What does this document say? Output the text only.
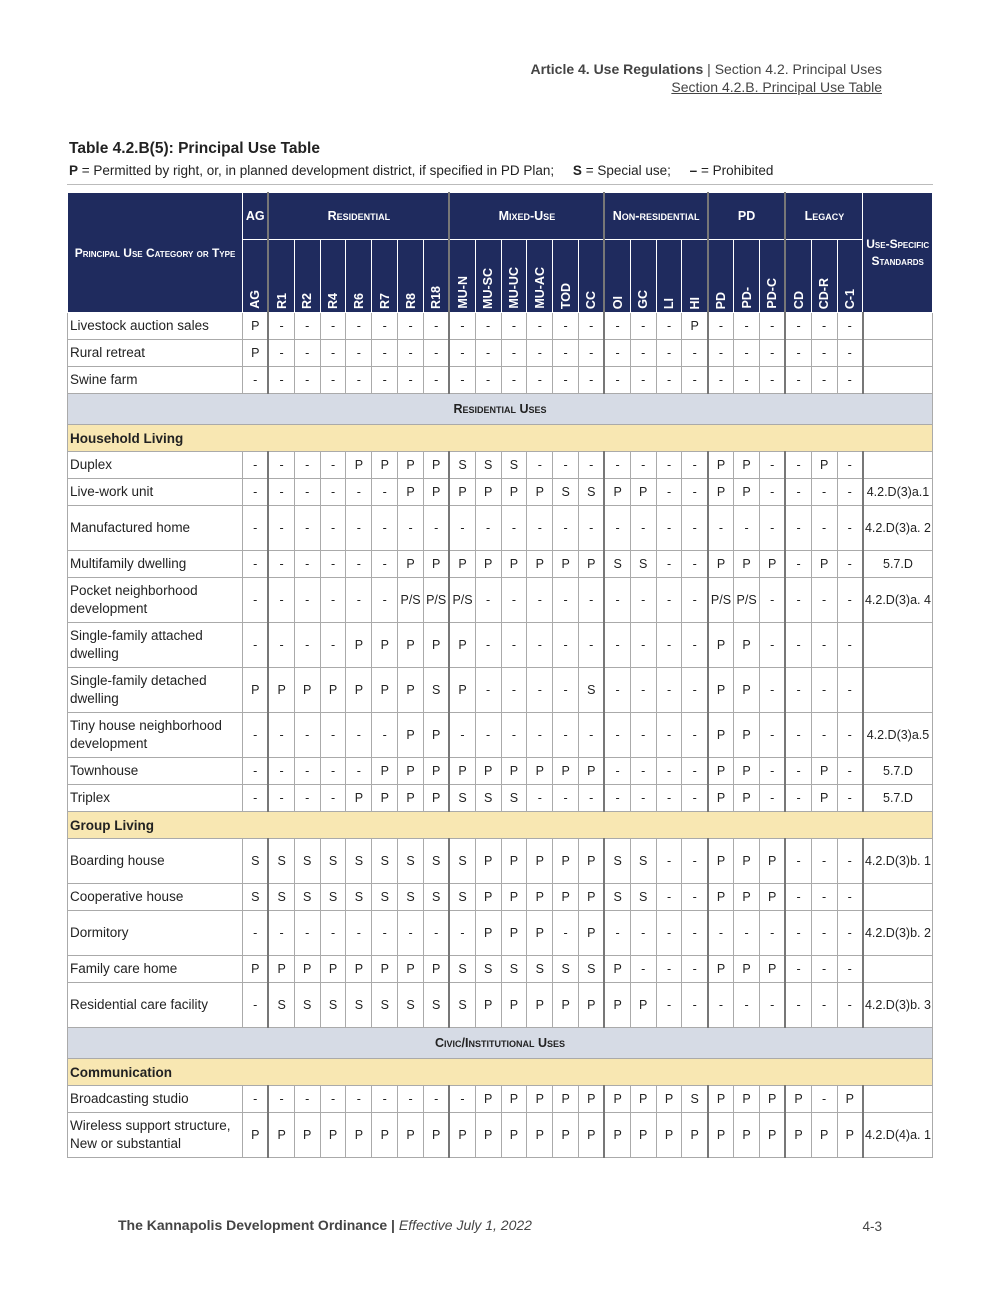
Article 4. Use Regulations | Section 4.2. Principal Uses
Section 4.2.B. Principal Use Table
Table 4.2.B(5): Principal Use Table
P = Permitted by right, or, in planned development district, if specified in PD Plan; S = Special use; – = Prohibited
Principal Use Category or Type	AG	Residential							Mixed-Use						Non-residential				PD			Legacy			Use-Specific Standards
	AG	R1	R2	R4	R6	R7	R8	R18	MU-N	MU-SC	MU-UC	MU-AC	TOD	CC	OI	GC	LI	HI	PD	PD-	PD-C	CD	CD-R	C-1	
Livestock auction sales	P	-	-	-	-	-	-	-	-	-	-	-	-	-	-	-	-	P	-	-	-	-	-	-	
Rural retreat	P	-	-	-	-	-	-	-	-	-	-	-	-	-	-	-	-	-	-	-	-	-	-	-	
Swine farm	-	-	-	-	-	-	-	-	-	-	-	-	-	-	-	-	-	-	-	-	-	-	-	-	
Residential Uses																									
Household Living																									
Duplex	-	-	-	-	P	P	P	P	S	S	S	-	-	-	-	-	-	-	P	P	-	-	P	-	
Live-work unit	-	-	-	-	-	-	P	P	P	P	P	P	S	S	P	P	-	-	P	P	-	-	-	-	4.2.D(3)a.1
Manufactured home	-	-	-	-	-	-	-	-	-	-	-	-	-	-	-	-	-	-	-	-	-	-	-	-	4.2.D(3)a. 2
Multifamily dwelling	-	-	-	-	-	-	P	P	P	P	P	P	P	P	S	S	-	-	P	P	P	-	P	-	5.7.D
Pocket neighborhood development	-	-	-	-	-	-	P/S	P/S	P/S	-	-	-	-	-	-	-	-	-	P/S	P/S	-	-	-	-	4.2.D(3)a. 4
Single-family attached dwelling	-	-	-	-	P	P	P	P	P	-	-	-	-	-	-	-	-	-	P	P	-	-	-	-	
Single-family detached dwelling	P	P	P	P	P	P	P	S	P	-	-	-	-	S	-	-	-	-	P	P	-	-	-	-	
Tiny house neighborhood development	-	-	-	-	-	-	P	P	-	-	-	-	-	-	-	-	-	-	P	P	-	-	-	-	4.2.D(3)a.5
Townhouse	-	-	-	-	-	P	P	P	P	P	P	P	P	P	-	-	-	-	P	P	-	-	P	-	5.7.D
Triplex	-	-	-	-	P	P	P	P	S	S	S	-	-	-	-	-	-	-	P	P	-	-	P	-	5.7.D
Group Living																									
Boarding house	S	S	S	S	S	S	S	S	S	P	P	P	P	P	S	S	-	-	P	P	P	-	-	-	4.2.D(3)b. 1
Cooperative house	S	S	S	S	S	S	S	S	S	P	P	P	P	P	S	S	-	-	P	P	P	-	-	-	
Dormitory	-	-	-	-	-	-	-	-	-	P	P	P	-	P	-	-	-	-	-	-	-	-	-	-	4.2.D(3)b. 2
Family care home	P	P	P	P	P	P	P	P	S	S	S	S	S	S	P	-	-	-	P	P	P	-	-	-	
Residential care facility	-	S	S	S	S	S	S	S	S	P	P	P	P	P	P	P	-	-	-	-	-	-	-	-	4.2.D(3)b. 3
Civic/Institutional Uses																									
Communication																									
Broadcasting studio	-	-	-	-	-	-	-	-	-	P	P	P	P	P	P	P	P	S	P	P	P	P	-	P	
Wireless support structure, New or substantial	P	P	P	P	P	P	P	P	P	P	P	P	P	P	P	P	P	P	P	P	P	P	P	P	4.2.D(4)a. 1
The Kannapolis Development Ordinance | Effective July 1, 2022	4-3
